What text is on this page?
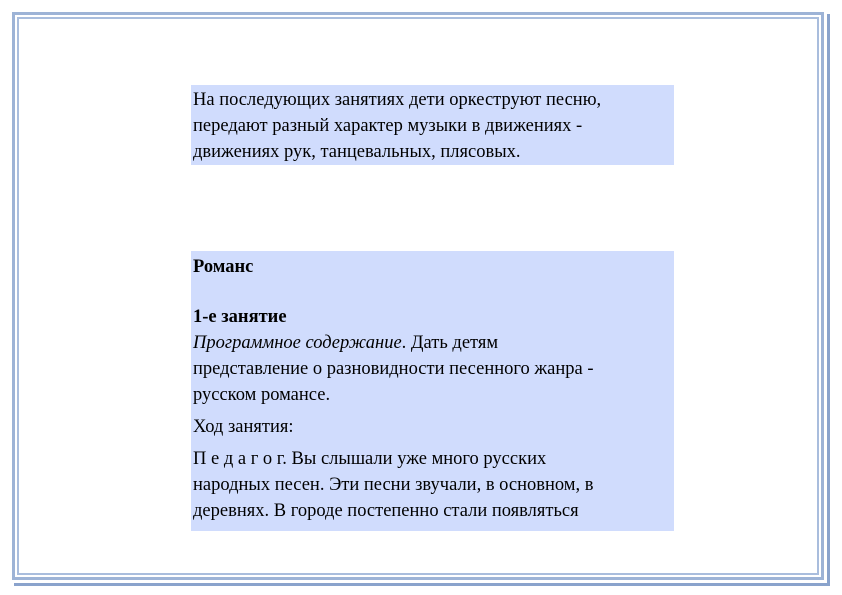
На последующих занятиях дети оркеструют песню,

передают разный характер музыки в движениях -

движениях рук, танцевальных, плясовых.

Романс

1-е занятие

Программное содержание. Дать детям

представление о разновидности песенного жанра -

русском романсе.

Ход занятия:

П е д а г о г. Вы слышали уже много русских

народных песен. Эти песни звучали, в основном, в

деревнях. В городе постепенно стали появляться
